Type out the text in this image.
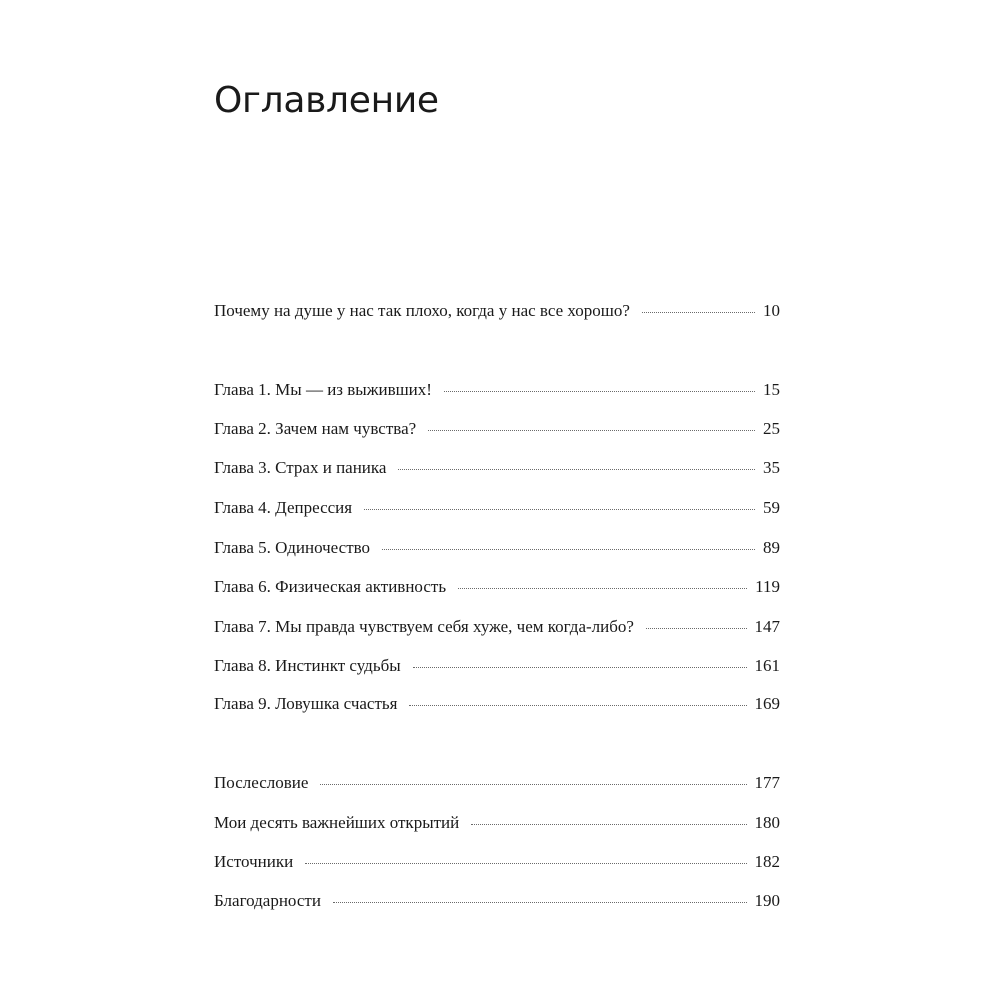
Оглавление
Почему на душе у нас так плохо, когда у нас все хорошо?	10
Глава 1. Мы — из выживших!	15
Глава 2. Зачем нам чувства?	25
Глава 3. Страх и паника	35
Глава 4. Депрессия	59
Глава 5. Одиночество	89
Глава 6. Физическая активность	119
Глава 7. Мы правда чувствуем себя хуже, чем когда-либо?	147
Глава 8. Инстинкт судьбы	161
Глава 9. Ловушка счастья	169
Послесловие	177
Мои десять важнейших открытий	180
Источники	182
Благодарности	190
